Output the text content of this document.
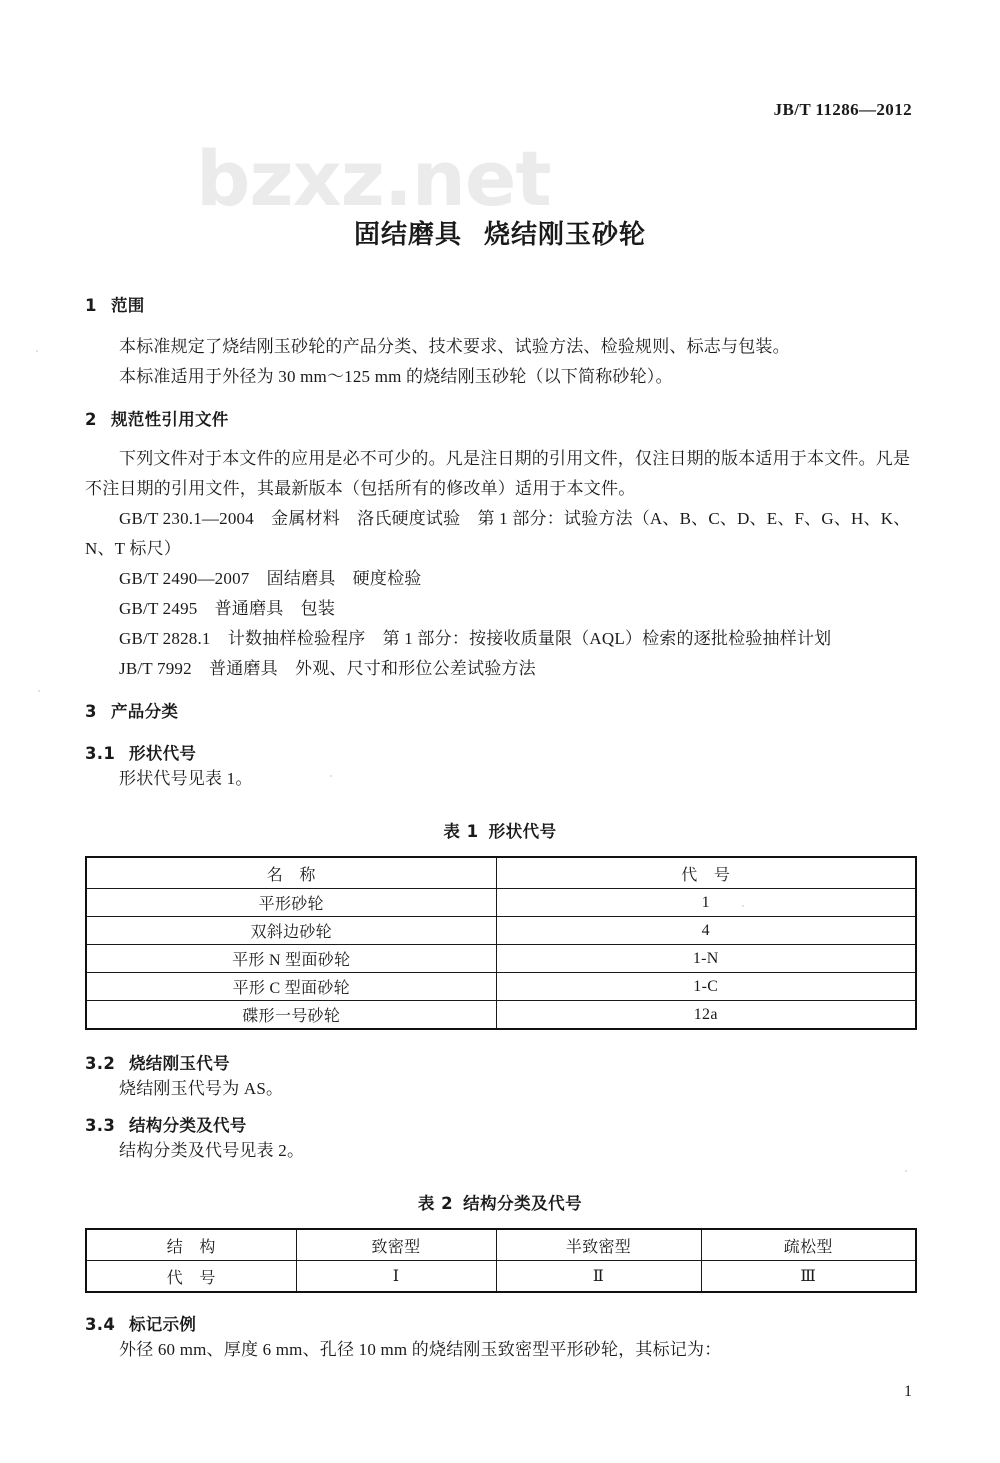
JB/T 11286—2012
bzxz.net
固结磨具 烧结刚玉砂轮
1 范围

本标准规定了烧结刚玉砂轮的产品分类、技术要求、试验方法、检验规则、标志与包装。

本标准适用于外径为 30 mm～125 mm 的烧结刚玉砂轮（以下简称砂轮）。

2 规范性引用文件

下列文件对于本文件的应用是必不可少的。凡是注日期的引用文件，仅注日期的版本适用于本文件。凡是不注日期的引用文件，其最新版本（包括所有的修改单）适用于本文件。

GB/T 230.1—2004　金属材料　洛氏硬度试验　第 1 部分：试验方法（A、B、C、D、E、F、G、H、K、N、T 标尺）

GB/T 2490—2007　固结磨具　硬度检验

GB/T 2495　普通磨具　包装

GB/T 2828.1　计数抽样检验程序　第 1 部分：按接收质量限（AQL）检索的逐批检验抽样计划

JB/T 7992　普通磨具　外观、尺寸和形位公差试验方法

3 产品分类
3.1 形状代号

形状代号见表 1。

表 1 形状代号

名　称	代　号
平形砂轮	1
双斜边砂轮	4
平形 N 型面砂轮	1-N
平形 C 型面砂轮	1-C
碟形一号砂轮	12a
3.2 烧结刚玉代号

烧结刚玉代号为 AS。

3.3 结构分类及代号

结构分类及代号见表 2。

表 2 结构分类及代号

结　构	致密型	半致密型	疏松型
代　号	Ⅰ	Ⅱ	Ⅲ
3.4 标记示例

外径 60 mm、厚度 6 mm、孔径 10 mm 的烧结刚玉致密型平形砂轮，其标记为：

1
